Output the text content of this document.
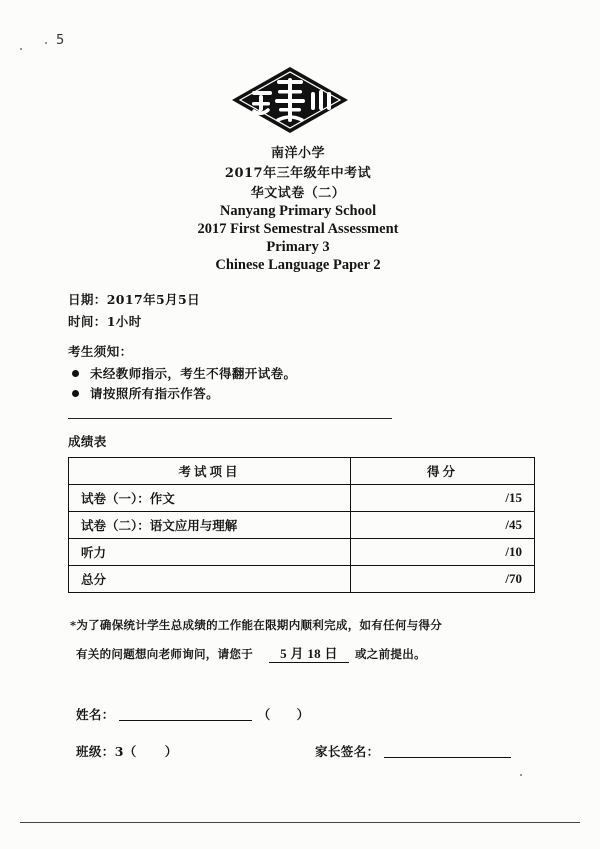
5
南洋小学
2017年三年级年中考试
华文试卷（二）
Nanyang Primary School
2017 First Semestral Assessment
Primary 3
Chinese Language Paper 2
日期：2017年5月5日
时间：1小时
考生须知：
未经教师指示，考生不得翻开试卷。
请按照所有指示作答。
成绩表
考试项目	得分
试卷（一）：作文	/15
试卷（二）：语文应用与理解	/45
听力	/10
总分	/70
*为了确保统计学生总成绩的工作能在限期内顺利完成，如有任何与得分
有关的问题想向老师询问，请您于 5 月 18 日 或之前提出。
姓名：	（ ）
班级：3（ ）	家长签名：
